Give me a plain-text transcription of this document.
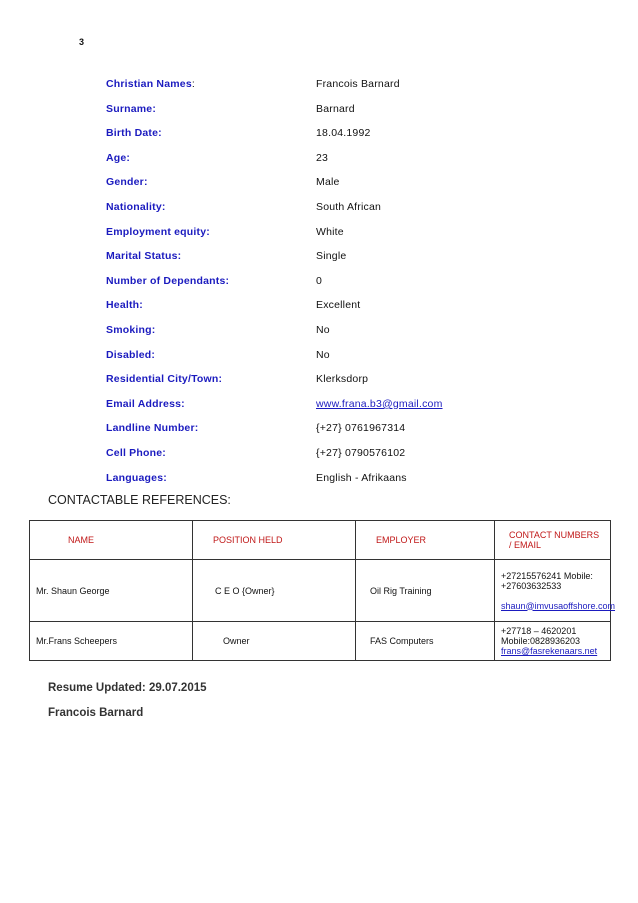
3
Christian Names:	Francois Barnard
Surname:	Barnard
Birth Date:	18.04.1992
Age:	23
Gender:	Male
Nationality:	South African
Employment equity:	White
Marital Status:	Single
Number of Dependants:	0
Health:	Excellent
Smoking:	No
Disabled:	No
Residential City/Town:	Klerksdorp
Email Address:	www.frana.b3@gmail.com
Landline Number:	{+27} 0761967314
Cell Phone:	{+27} 0790576102
Languages:	English - Afrikaans
CONTACTABLE REFERENCES:
NAME	POSITION HELD	EMPLOYER	CONTACT NUMBERS / EMAIL
Mr. Shaun George	C E O {Owner}	Oil Rig Training	+27215576241 Mobile: +27603632533
shaun@imvusaoffshore.com

Mr.Frans Scheepers	Owner	FAS Computers	+27718 – 4620201 Mobile:0828936203
frans@fasrekenaars.net
Resume Updated: 29.07.2015
Francois Barnard
